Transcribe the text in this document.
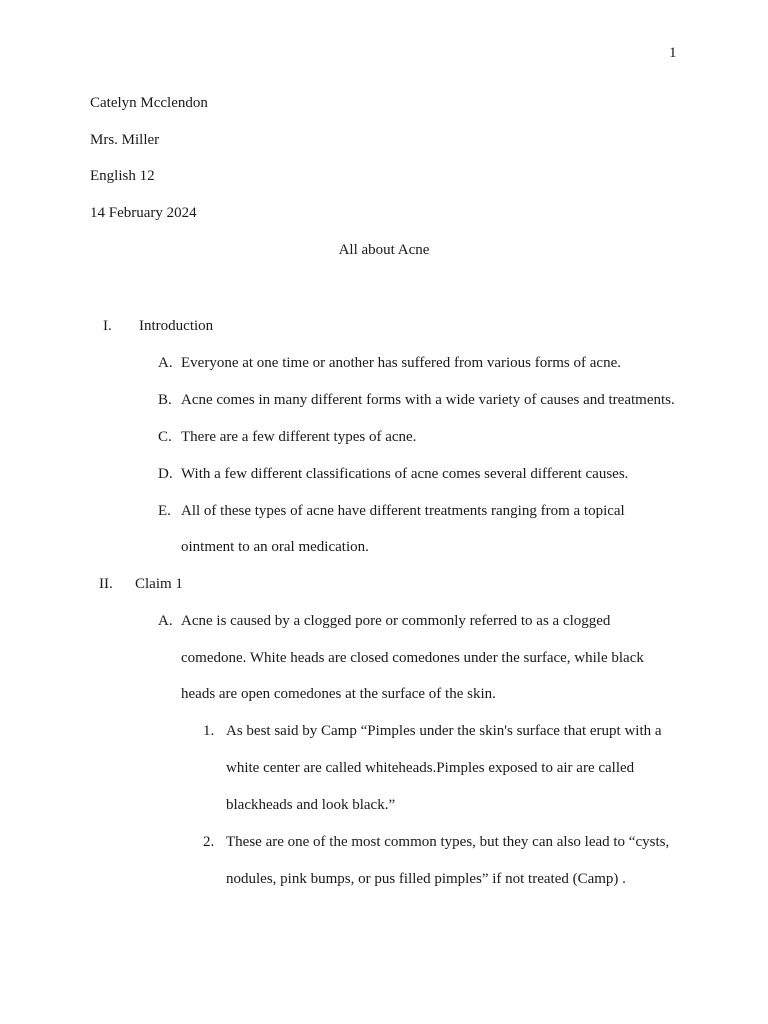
1
Catelyn Mcclendon
Mrs. Miller
English 12
14 February 2024
All about Acne
I. Introduction
A. Everyone at one time or another has suffered from various forms of acne.
B. Acne comes in many different forms with a wide variety of causes and treatments.
C. There are a few different types of acne.
D. With a few different classifications of acne comes several different causes.
E. All of these types of acne have different treatments ranging from a topical
ointment to an oral medication.
II. Claim 1
A. Acne is caused by a clogged pore or commonly referred to as a clogged
comedone. White heads are closed comedones under the surface, while black
heads are open comedones at the surface of the skin.
1. As best said by Camp “Pimples under the skin's surface that erupt with a
white center are called whiteheads.Pimples exposed to air are called
blackheads and look black.”
2. These are one of the most common types, but they can also lead to “cysts,
nodules, pink bumps, or pus filled pimples” if not treated (Camp) .
